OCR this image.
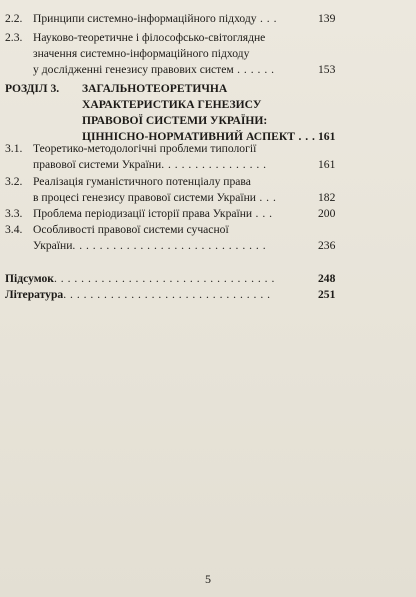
2.2. Принципи системно-інформаційного підходу . . .	139
2.3. Науково-теоретичне і філософсько-світоглядне
значення системно-інформаційного підходу
у дослідженні генезису правових систем . . . . . .	153
РОЗДІЛ 3. ЗАГАЛЬНОТЕОРЕТИЧНА
ХАРАКТЕРИСТИКА ГЕНЕЗИСУ
ПРАВОВОЇ СИСТЕМИ УКРАЇНИ:
ЦІННІСНО-НОРМАТИВНИЙ АСПЕКТ . . . 161
3.1. Теоретико-методологічні проблеми типології
правової системи України. . . . . . . . . . . . . . . .	161
3.2. Реалізація гуманістичного потенціалу права
в процесі генезису правової системи України . . .	182
3.3. Проблема періодизації історії права України . . .	200
3.4. Особливості правової системи сучасної
України. . . . . . . . . . . . . . . . . . . . . . . . . . . . .	236
Підсумок. . . . . . . . . . . . . . . . . . . . . . . . . . . . . . . . .	248
Література. . . . . . . . . . . . . . . . . . . . . . . . . . . . . . .	251
5
